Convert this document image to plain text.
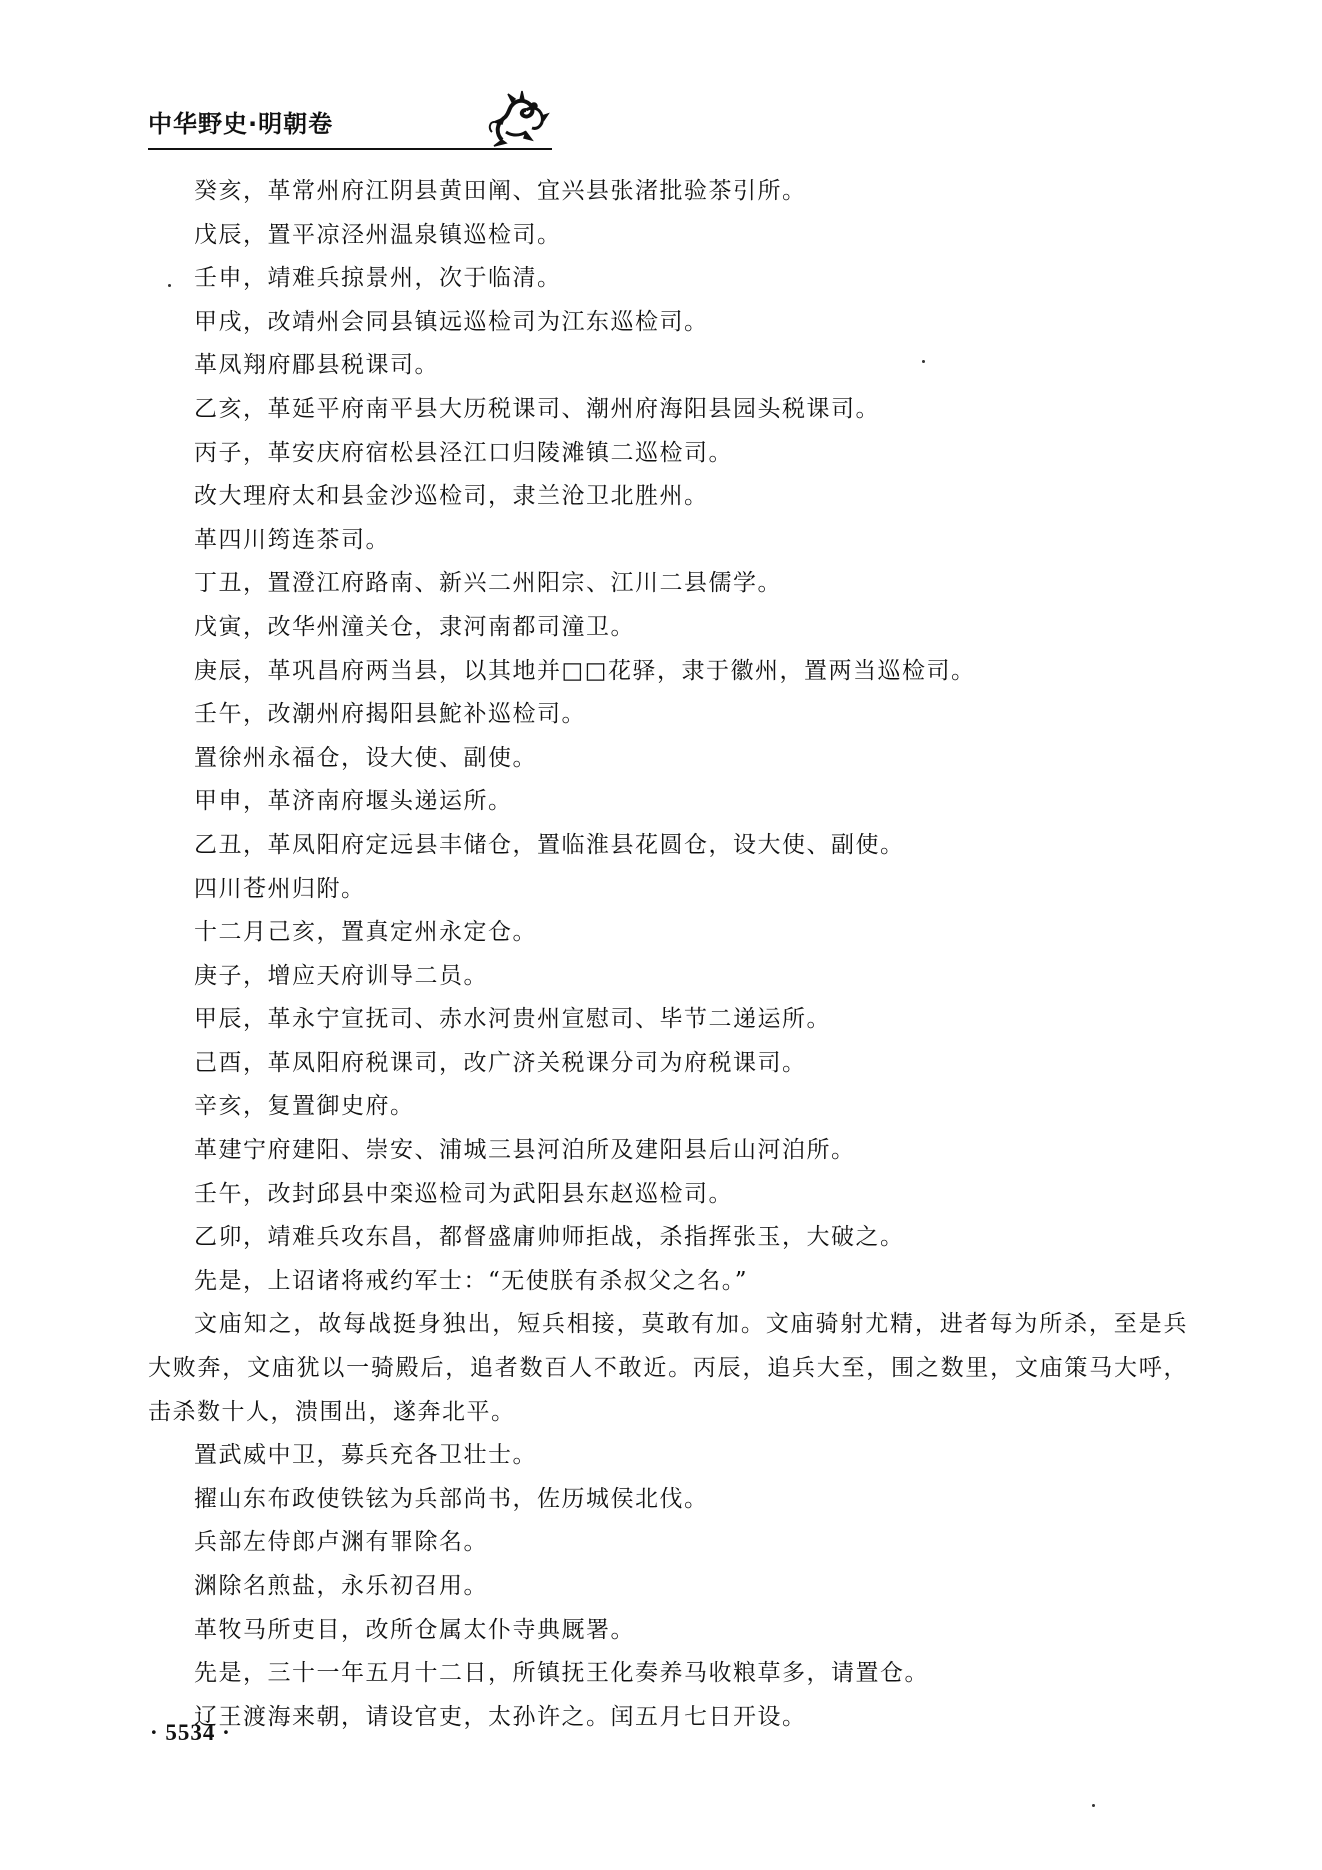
中华野史·明朝卷

癸亥，革常州府江阴县黄田阐、宜兴县张渚批验茶引所。

戊辰，置平凉泾州温泉镇巡检司。

壬申，靖难兵掠景州，次于临清。

甲戌，改靖州会同县镇远巡检司为江东巡检司。

革凤翔府郿县税课司。

乙亥，革延平府南平县大历税课司、潮州府海阳县园头税课司。

丙子，革安庆府宿松县泾江口归陵滩镇二巡检司。

改大理府太和县金沙巡检司，隶兰沧卫北胜州。

革四川筠连茶司。

丁丑，置澄江府路南、新兴二州阳宗、江川二县儒学。

戊寅，改华州潼关仓，隶河南都司潼卫。

庚辰，革巩昌府两当县，以其地并□□花驿，隶于徽州，置两当巡检司。

壬午，改潮州府揭阳县鮀补巡检司。

置徐州永福仓，设大使、副使。

甲申，革济南府堰头递运所。

乙丑，革凤阳府定远县丰储仓，置临淮县花圆仓，设大使、副使。

四川苍州归附。

十二月己亥，置真定州永定仓。

庚子，增应天府训导二员。

甲辰，革永宁宣抚司、赤水河贵州宣慰司、毕节二递运所。

己酉，革凤阳府税课司，改广济关税课分司为府税课司。

辛亥，复置御史府。

革建宁府建阳、崇安、浦城三县河泊所及建阳县后山河泊所。

壬午，改封邱县中栾巡检司为武阳县东赵巡检司。

乙卯，靖难兵攻东昌，都督盛庸帅师拒战，杀指挥张玉，大破之。

先是，上诏诸将戒约军士：“无使朕有杀叔父之名。”

文庙知之，故每战挺身独出，短兵相接，莫敢有加。文庙骑射尤精，进者每为所杀，至是兵大败奔，文庙犹以一骑殿后，追者数百人不敢近。丙辰，追兵大至，围之数里，文庙策马大呼，击杀数十人，溃围出，遂奔北平。

置武威中卫，募兵充各卫壮士。

擢山东布政使铁铉为兵部尚书，佐历城侯北伐。

兵部左侍郎卢渊有罪除名。

渊除名煎盐，永乐初召用。

革牧马所吏目，改所仓属太仆寺典厩署。

先是，三十一年五月十二日，所镇抚王化奏养马收粮草多，请置仓。

辽王渡海来朝，请设官吏，太孙许之。闰五月七日开设。

· 5534 ·
